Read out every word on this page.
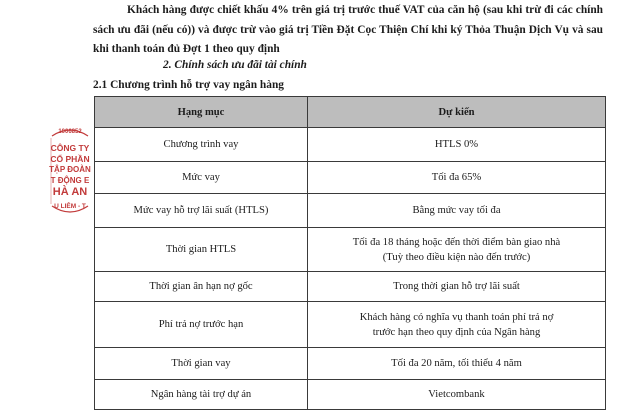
Khách hàng được chiết khấu 4% trên giá trị trước thuế VAT của căn hộ (sau khi trừ đi các chính sách ưu đãi (nếu có)) và được trừ vào giá trị Tiền Đặt Cọc Thiện Chí khi ký Thỏa Thuận Dịch Vụ và sau khi thanh toán đủ Đợt 1 theo quy định
2. Chính sách ưu đãi tài chính
2.1 Chương trình hỗ trợ vay ngân hàng
1006852
CÔNG TY
CỔ PHẦN
TẬP ĐOÀN
T ĐỘNG E
HÀ AN
U LIÊM - T
Hạng mục	Dự kiến
Chương trình vay	HTLS 0%
Mức vay	Tối đa 65%
Mức vay hỗ trợ lãi suất (HTLS)	Bằng mức vay tối đa
Thời gian HTLS	Tối đa 18 tháng hoặc đến thời điểm bàn giao nhà
(Tuỳ theo điều kiện nào đến trước)

Thời gian ân hạn nợ gốc	Trong thời gian hỗ trợ lãi suất
Phí trả nợ trước hạn	Khách hàng có nghĩa vụ thanh toán phí trả nợ
trước hạn theo quy định của Ngân hàng

Thời gian vay	Tối đa 20 năm, tối thiểu 4 năm
Ngân hàng tài trợ dự án	Vietcombank
